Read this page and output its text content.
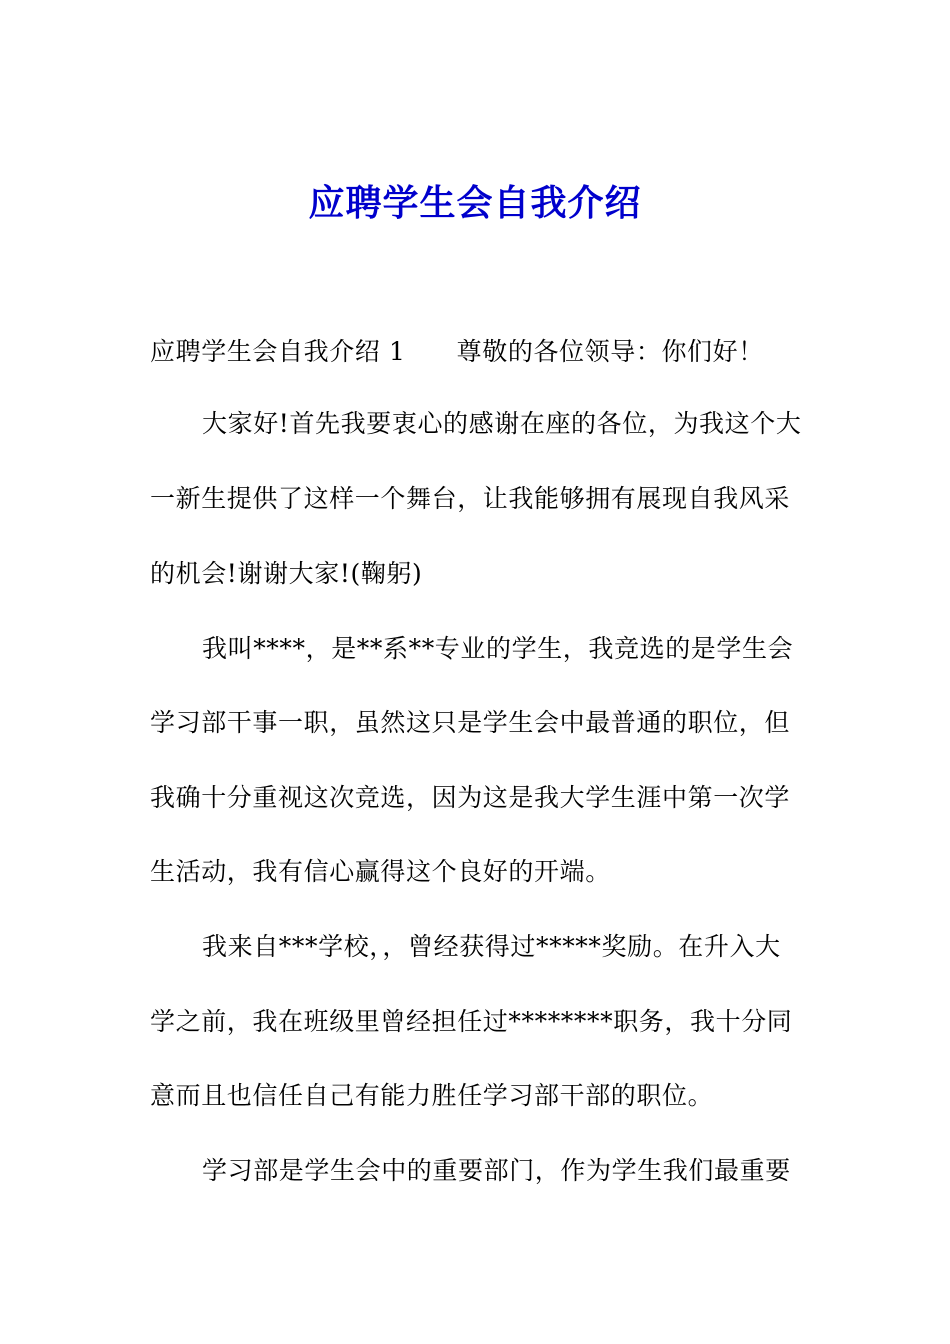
应聘学生会自我介绍
应聘学生会自我介绍 1　　尊敬的各位领导：你们好！
大家好!首先我要衷心的感谢在座的各位，为我这个大
一新生提供了这样一个舞台，让我能够拥有展现自我风采
的机会!谢谢大家!(鞠躬)
我叫****，是**系**专业的学生，我竞选的是学生会
学习部干事一职，虽然这只是学生会中最普通的职位，但
我确十分重视这次竞选，因为这是我大学生涯中第一次学
生活动，我有信心赢得这个良好的开端。
我来自***学校，，曾经获得过*****奖励。在升入大
学之前，我在班级里曾经担任过********职务，我十分同
意而且也信任自己有能力胜任学习部干部的职位。
学习部是学生会中的重要部门，作为学生我们最重要
